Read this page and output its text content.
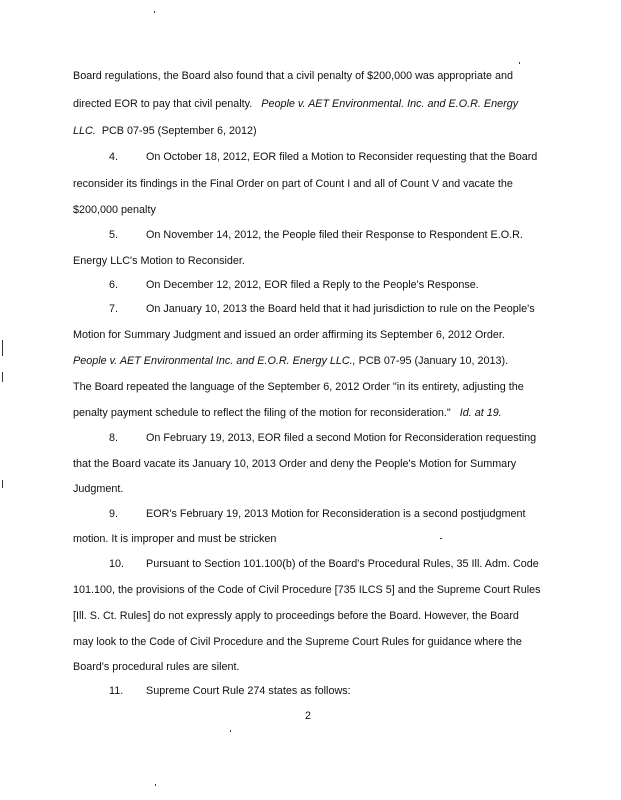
Board regulations, the Board also found that a civil penalty of $200,000 was appropriate and
directed EOR to pay that civil penalty. People v. AET Environmental. Inc. and E.O.R. Energy
LLC. PCB 07-95 (September 6, 2012)
4.	On October 18, 2012, EOR filed a Motion to Reconsider requesting that the Board
reconsider its findings in the Final Order on part of Count I and all of Count V and vacate the
$200,000 penalty
5.	On November 14, 2012, the People filed their Response to Respondent E.O.R.
Energy LLC's Motion to Reconsider.
6.	On December 12, 2012, EOR filed a Reply to the People's Response.
7.	On January 10, 2013 the Board held that it had jurisdiction to rule on the People's
Motion for Summary Judgment and issued an order affirming its September 6, 2012 Order.
People v. AET Environmental Inc. and E.O.R. Energy LLC., PCB 07-95 (January 10, 2013).
The Board repeated the language of the September 6, 2012 Order "in its entirety, adjusting the
penalty payment schedule to reflect the filing of the motion for reconsideration." Id. at 19.
8.	On February 19, 2013, EOR filed a second Motion for Reconsideration requesting
that the Board vacate its January 10, 2013 Order and deny the People's Motion for Summary
Judgment.
9.	EOR's February 19, 2013 Motion for Reconsideration is a second postjudgment
motion. It is improper and must be stricken
10. Pursuant to Section 101.100(b) of the Board's Procedural Rules, 35 Ill. Adm. Code
101.100, the provisions of the Code of Civil Procedure [735 ILCS 5] and the Supreme Court Rules
[Ill. S. Ct. Rules] do not expressly apply to proceedings before the Board. However, the Board
may look to the Code of Civil Procedure and the Supreme Court Rules for guidance where the
Board's procedural rules are silent.
11. Supreme Court Rule 274 states as follows:
2
